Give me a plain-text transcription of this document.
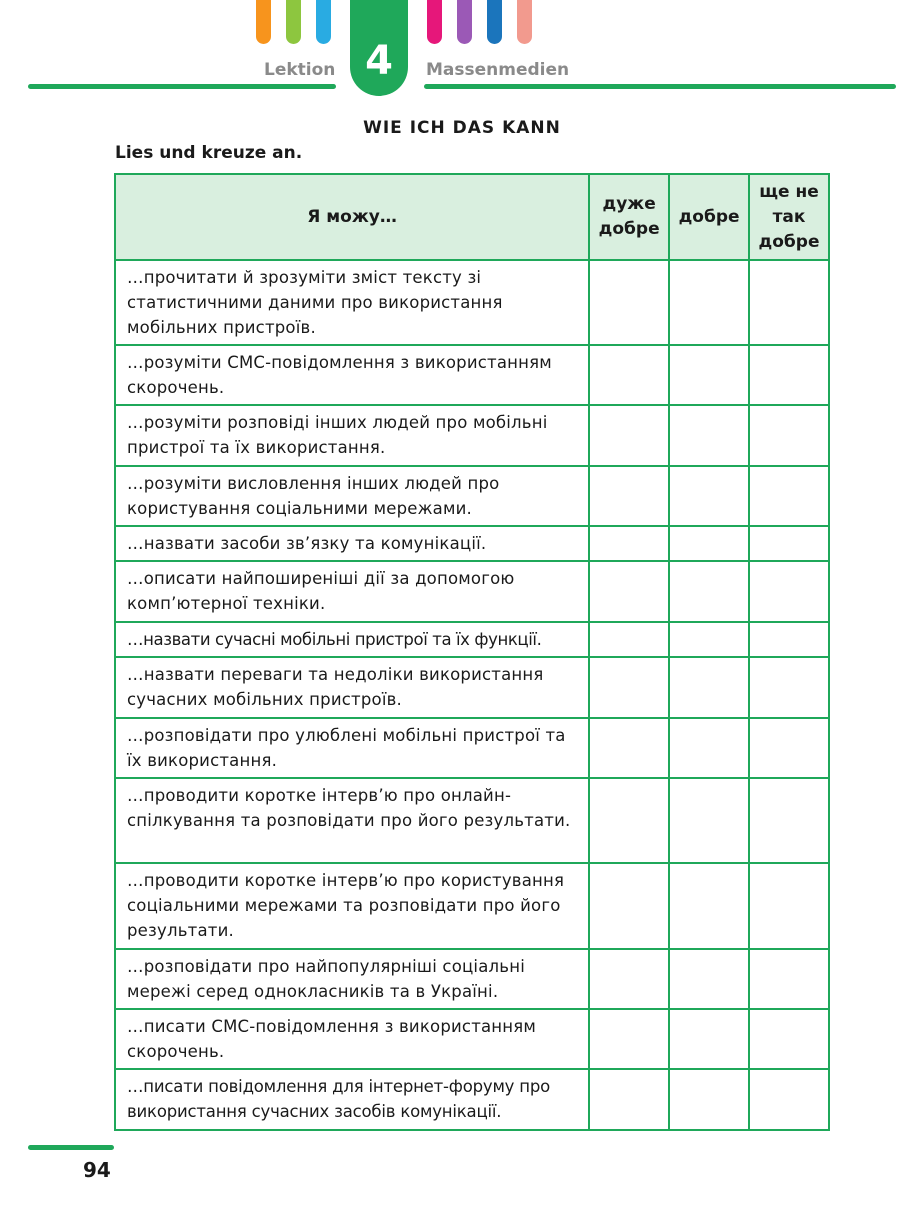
4
Lektion	Massenmedien
WIE ICH DAS KANN
Lies und kreuze an.
Я можу…	дуже добре	добре	ще не так добре
…прочитати й зрозуміти зміст тексту зі статистичними даними про використання мобільних пристроїв.			
…розуміти СМС-повідомлення з використанням скорочень.			
…розуміти розповіді інших людей про мобільні пристрої та їх використання.			
…розуміти висловлення інших людей про користування соціальними мережами.			
…назвати засоби зв’язку та комунікації.			
…описати найпоширеніші дії за допомогою комп’ютерної техніки.			
…назвати сучасні мобільні пристрої та їх функції.			
…назвати переваги та недоліки використання сучасних мобільних пристроїв.			
…розповідати про улюблені мобільні пристрої та їх використання.			
…проводити коротке інтерв’ю про онлайн-спілкування та розповідати про його результати.			
…проводити коротке інтерв’ю про користування соціальними мережами та розповідати про його результати.			
…розповідати про найпопулярніші соціальні мережі серед однокласників та в Україні.			
…писати СМС-повідомлення з використанням скорочень.			
…писати повідомлення для інтернет-форуму про використання сучасних засобів комунікації.			
94
